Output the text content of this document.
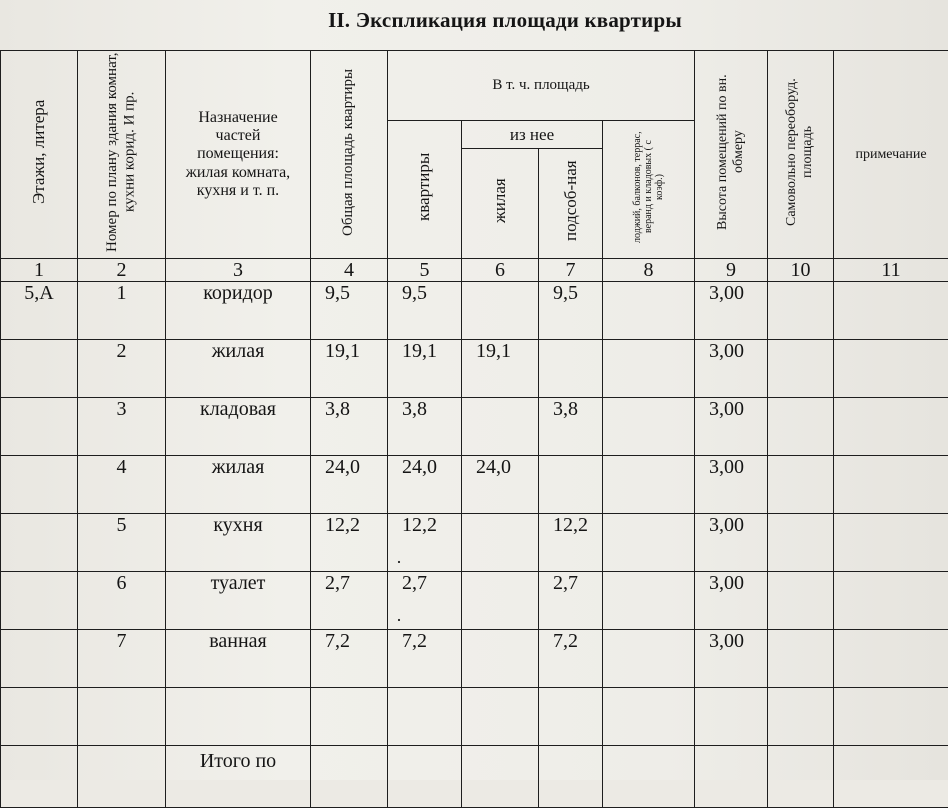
II. Экспликация площади квартиры
Этажи, литера	Номер по плану здания комнат, кухни корид. И пр.	Назначение частей помещения: жилая комната, кухня и т. п.	Общая площадь квартиры	В т. ч. площадь				Высота помещений по вн. обмеру	Самовольно переоборуд. площадь	примечание
				квартиры	из нее		лоджий, балконов, террас, веранд и кладовых ( с коэф.)			
					жилая	подсоб-ная				
1	2	3	4	5	6	7	8	9	10	11
5,А	1	коридор	9,5	9,5		9,5		3,00		
	2	жилая	19,1	19,1	19,1			3,00		
	3	кладовая	3,8	3,8		3,8		3,00		
	4	жилая	24,0	24,0	24,0			3,00		
	5	кухня	12,2	12,2 ·		12,2		3,00		
	6	туалет	2,7	2,7 ·		2,7		3,00		
	7	ванная	7,2	7,2		7,2		3,00		

		Итого по								
